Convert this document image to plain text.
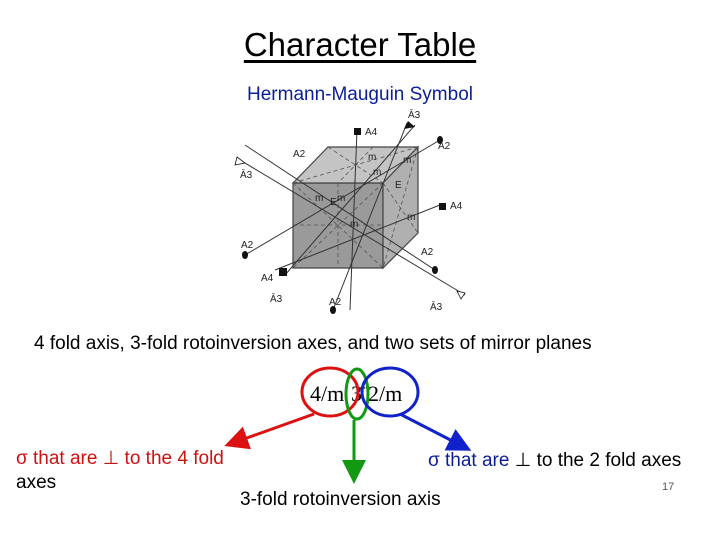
Character Table
Hermann-Mauguin Symbol
A4
Ā3
A2
A2
Ā3
A4
A2
A2
A4
Ā3	A2	Ā3
m
m
m
m m
m
m
E
E
4 fold axis, 3-fold rotoinversion axes, and two sets of mirror planes
4/m 3̄ 2/m
σ that are ⊥ to the 4 fold
axes
σ that are ⊥ to the 2 fold axes
3-fold rotoinversion axis
17
